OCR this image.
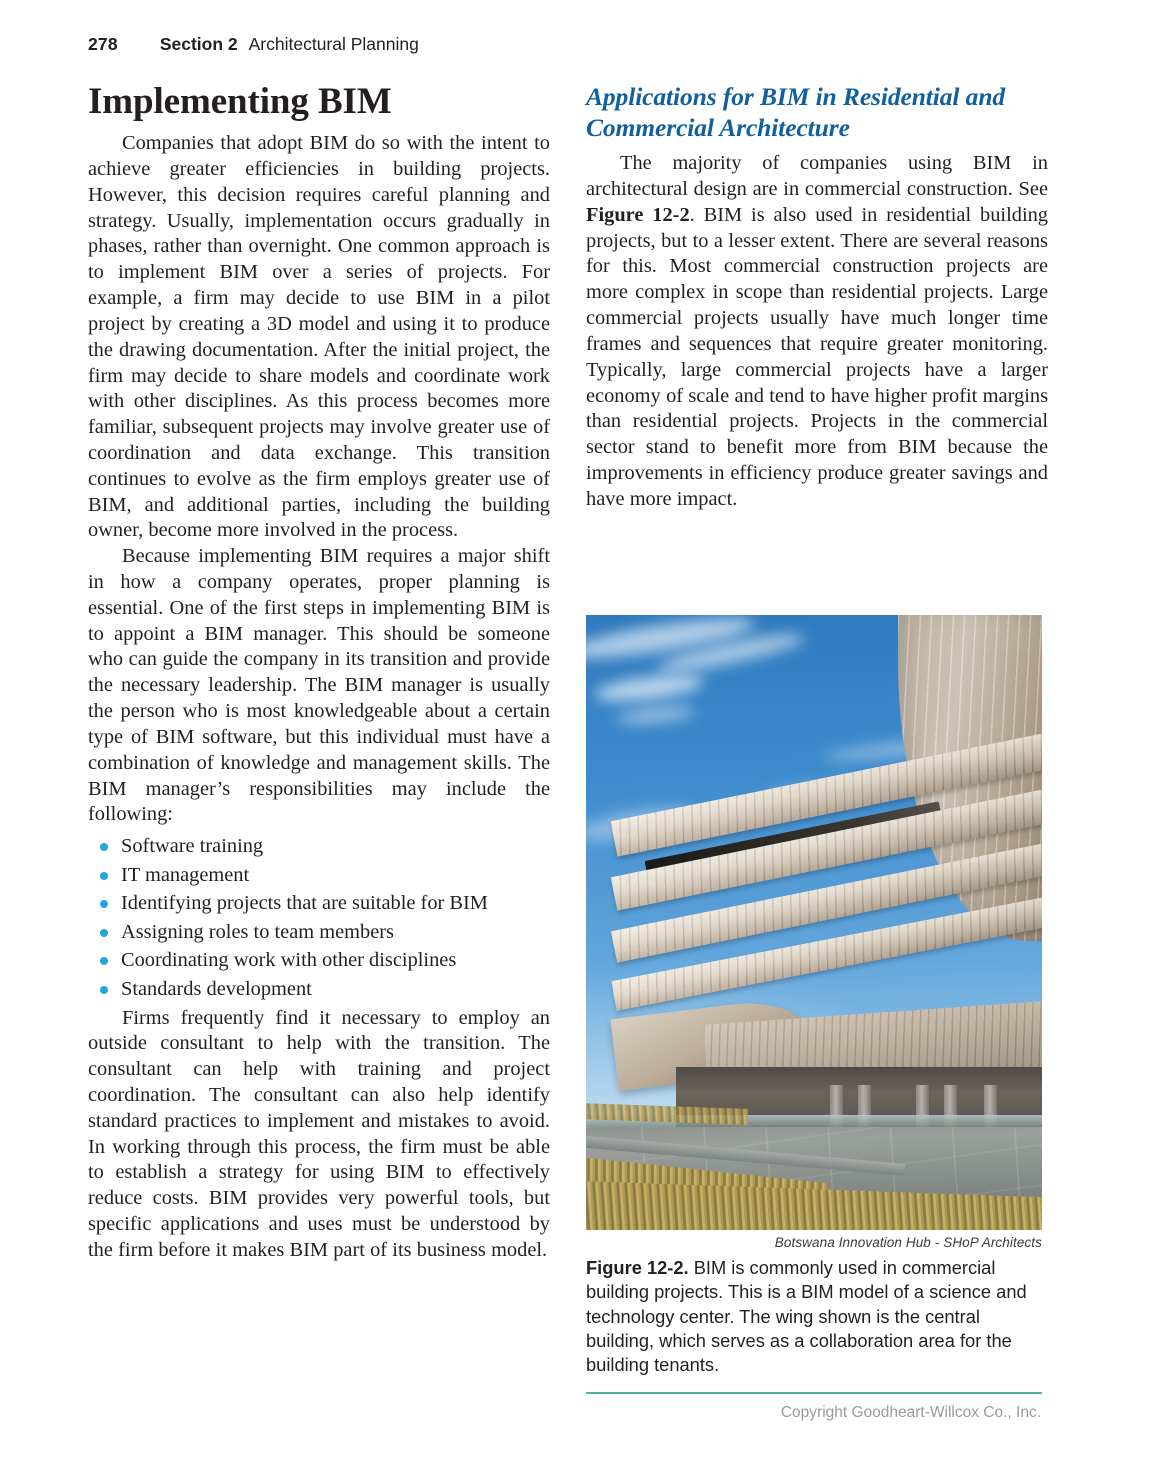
278 Section 2 Architectural Planning
Implementing BIM

Companies that adopt BIM do so with the intent to achieve greater efficiencies in building projects. However, this decision requires careful planning and strategy. Usually, implementation occurs gradually in phases, rather than overnight. One common approach is to implement BIM over a series of projects. For example, a firm may decide to use BIM in a pilot project by creating a 3D model and using it to produce the drawing documentation. After the initial project, the firm may decide to share models and coordinate work with other disciplines. As this process becomes more familiar, subsequent projects may involve greater use of coordination and data exchange. This transition continues to evolve as the firm employs greater use of BIM, and additional parties, including the building owner, become more involved in the process.

Because implementing BIM requires a major shift in how a company operates, proper planning is essential. One of the first steps in implementing BIM is to appoint a BIM manager. This should be someone who can guide the company in its transition and provide the necessary leadership. The BIM manager is usually the person who is most knowledgeable about a certain type of BIM software, but this individual must have a combination of knowledge and management skills. The BIM manager’s responsibilities may include the following:

Software training
IT management
Identifying projects that are suitable for BIM
Assigning roles to team members
Coordinating work with other disciplines
Standards development

Firms frequently find it necessary to employ an outside consultant to help with the transition. The consultant can help with training and project coordination. The consultant can also help identify standard practices to implement and mistakes to avoid. In working through this process, the firm must be able to establish a strategy for using BIM to effectively reduce costs. BIM provides very powerful tools, but specific applications and uses must be understood by the firm before it makes BIM part of its business model.

Applications for BIM in Residential and Commercial Architecture

The majority of companies using BIM in architectural design are in commercial construction. See Figure 12-2. BIM is also used in residential building projects, but to a lesser extent. There are several reasons for this. Most commercial construction projects are more complex in scope than residential projects. Large commercial projects usually have much longer time frames and sequences that require greater monitoring. Typically, large commercial projects have a larger economy of scale and tend to have higher profit margins than residential projects. Projects in the commercial sector stand to benefit more from BIM because the improvements in efficiency produce greater savings and have more impact.

Botswana Innovation Hub - SHoP Architects
Figure 12-2. BIM is commonly used in commercial building projects. This is a BIM model of a science and technology center. The wing shown is the central building, which serves as a collaboration area for the building tenants.
Copyright Goodheart-Willcox Co., Inc.
